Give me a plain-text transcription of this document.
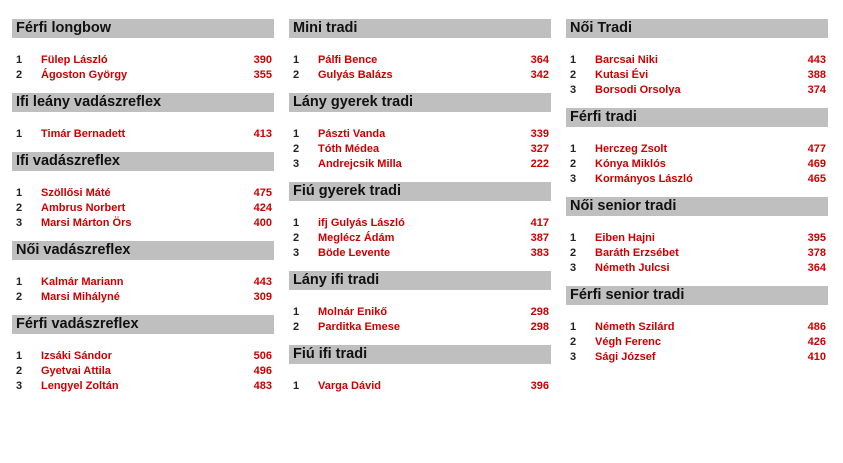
Férfi longbow
1 Fülep László	390
2 Ágoston György	355
Ifi leány vadászreflex
1 Timár Bernadett	413
Ifi vadászreflex
1 Szöllősi Máté	475
2 Ambrus Norbert	424
3 Marsi Márton Örs	400
Női vadászreflex
1 Kalmár Mariann	443
2 Marsi Mihályné	309
Férfi vadászreflex
1 Izsáki Sándor	506
2 Gyetvai Attila	496
3 Lengyel Zoltán	483
Mini tradi
1 Pálfi Bence	364
2 Gulyás Balázs	342
Lány gyerek tradi
1 Pászti Vanda	339
2 Tóth Médea	327
3 Andrejcsik Milla	222
Fiú gyerek tradi
1 ifj Gulyás László	417
2 Meglécz Ádám	387
3 Böde Levente	383
Lány ifi tradi
1 Molnár Enikő	298
2 Parditka Emese	298
Fiú ifi tradi
1 Varga Dávid	396
Női Tradi
1 Barcsai Niki	443
2 Kutasi Évi	388
3 Borsodi Orsolya	374
Férfi tradi
1 Herczeg Zsolt	477
2 Kónya Miklós	469
3 Kormányos László	465
Női senior tradi
1 Eiben Hajni	395
2 Baráth Erzsébet	378
3 Németh Julcsi	364
Férfi senior tradi
1 Németh Szilárd	486
2 Végh Ferenc	426
3 Sági József	410
